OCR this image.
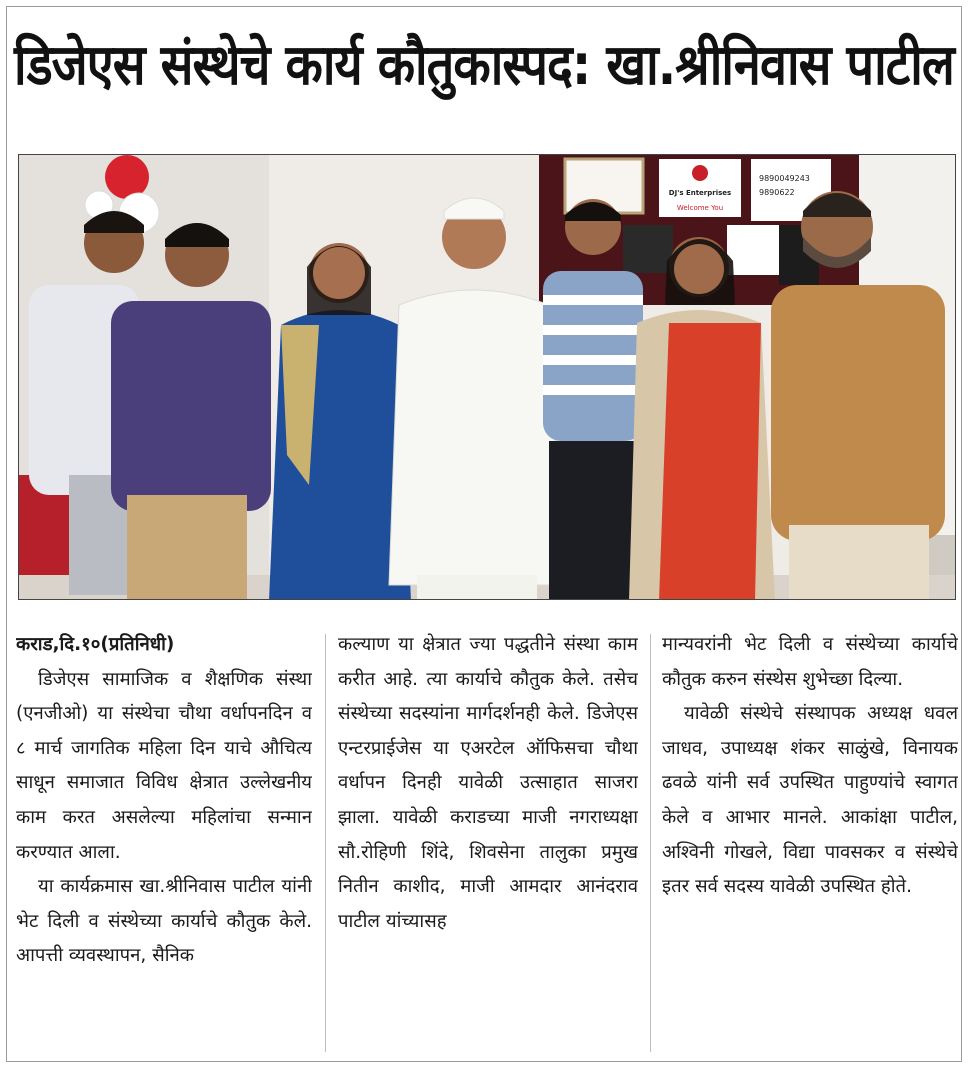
डिजेएस संस्थेचे कार्य कौतुकास्पद: खा.श्रीनिवास पाटील
DJ's Enterprises
Welcome You
9890049243
9890622
कराड,दि.१०(प्रतिनिधी)

डिजेएस सामाजिक व शैक्षणिक संस्था (एनजीओ) या संस्थेचा चौथा वर्धापनदिन व ८ मार्च जागतिक महिला दिन याचे औचित्य साधून समाजात विविध क्षेत्रात उल्लेखनीय काम करत असलेल्या महिलांचा सन्मान करण्यात आला.

या कार्यक्रमास खा.श्रीनिवास पाटील यांनी भेट दिली व संस्थेच्या कार्याचे कौतुक केले. आपत्ती व्यवस्थापन, सैनिक

कल्याण या क्षेत्रात ज्या पद्धतीने संस्था काम करीत आहे. त्या कार्याचे कौतुक केले. तसेच संस्थेच्या सदस्यांना मार्गदर्शनही केले. डिजेएस एन्टरप्राईजेस या एअरटेल ऑफिसचा चौथा वर्धापन दिनही यावेळी उत्साहात साजरा झाला. यावेळी कराडच्या माजी नगराध्यक्षा सौ.रोहिणी शिंदे, शिवसेना तालुका प्रमुख नितीन काशीद, माजी आमदार आनंदराव पाटील यांच्यासह

मान्यवरांनी भेट दिली व संस्थेच्या कार्याचे कौतुक करुन संस्थेस शुभेच्छा दिल्या.

यावेळी संस्थेचे संस्थापक अध्यक्ष धवल जाधव, उपाध्यक्ष शंकर साळुंखे, विनायक ढवळे यांनी सर्व उपस्थित पाहुण्यांचे स्वागत केले व आभार मानले. आकांक्षा पाटील, अश्विनी गोखले, विद्या पावसकर व संस्थेचे इतर सर्व सदस्य यावेळी उपस्थित होते.
